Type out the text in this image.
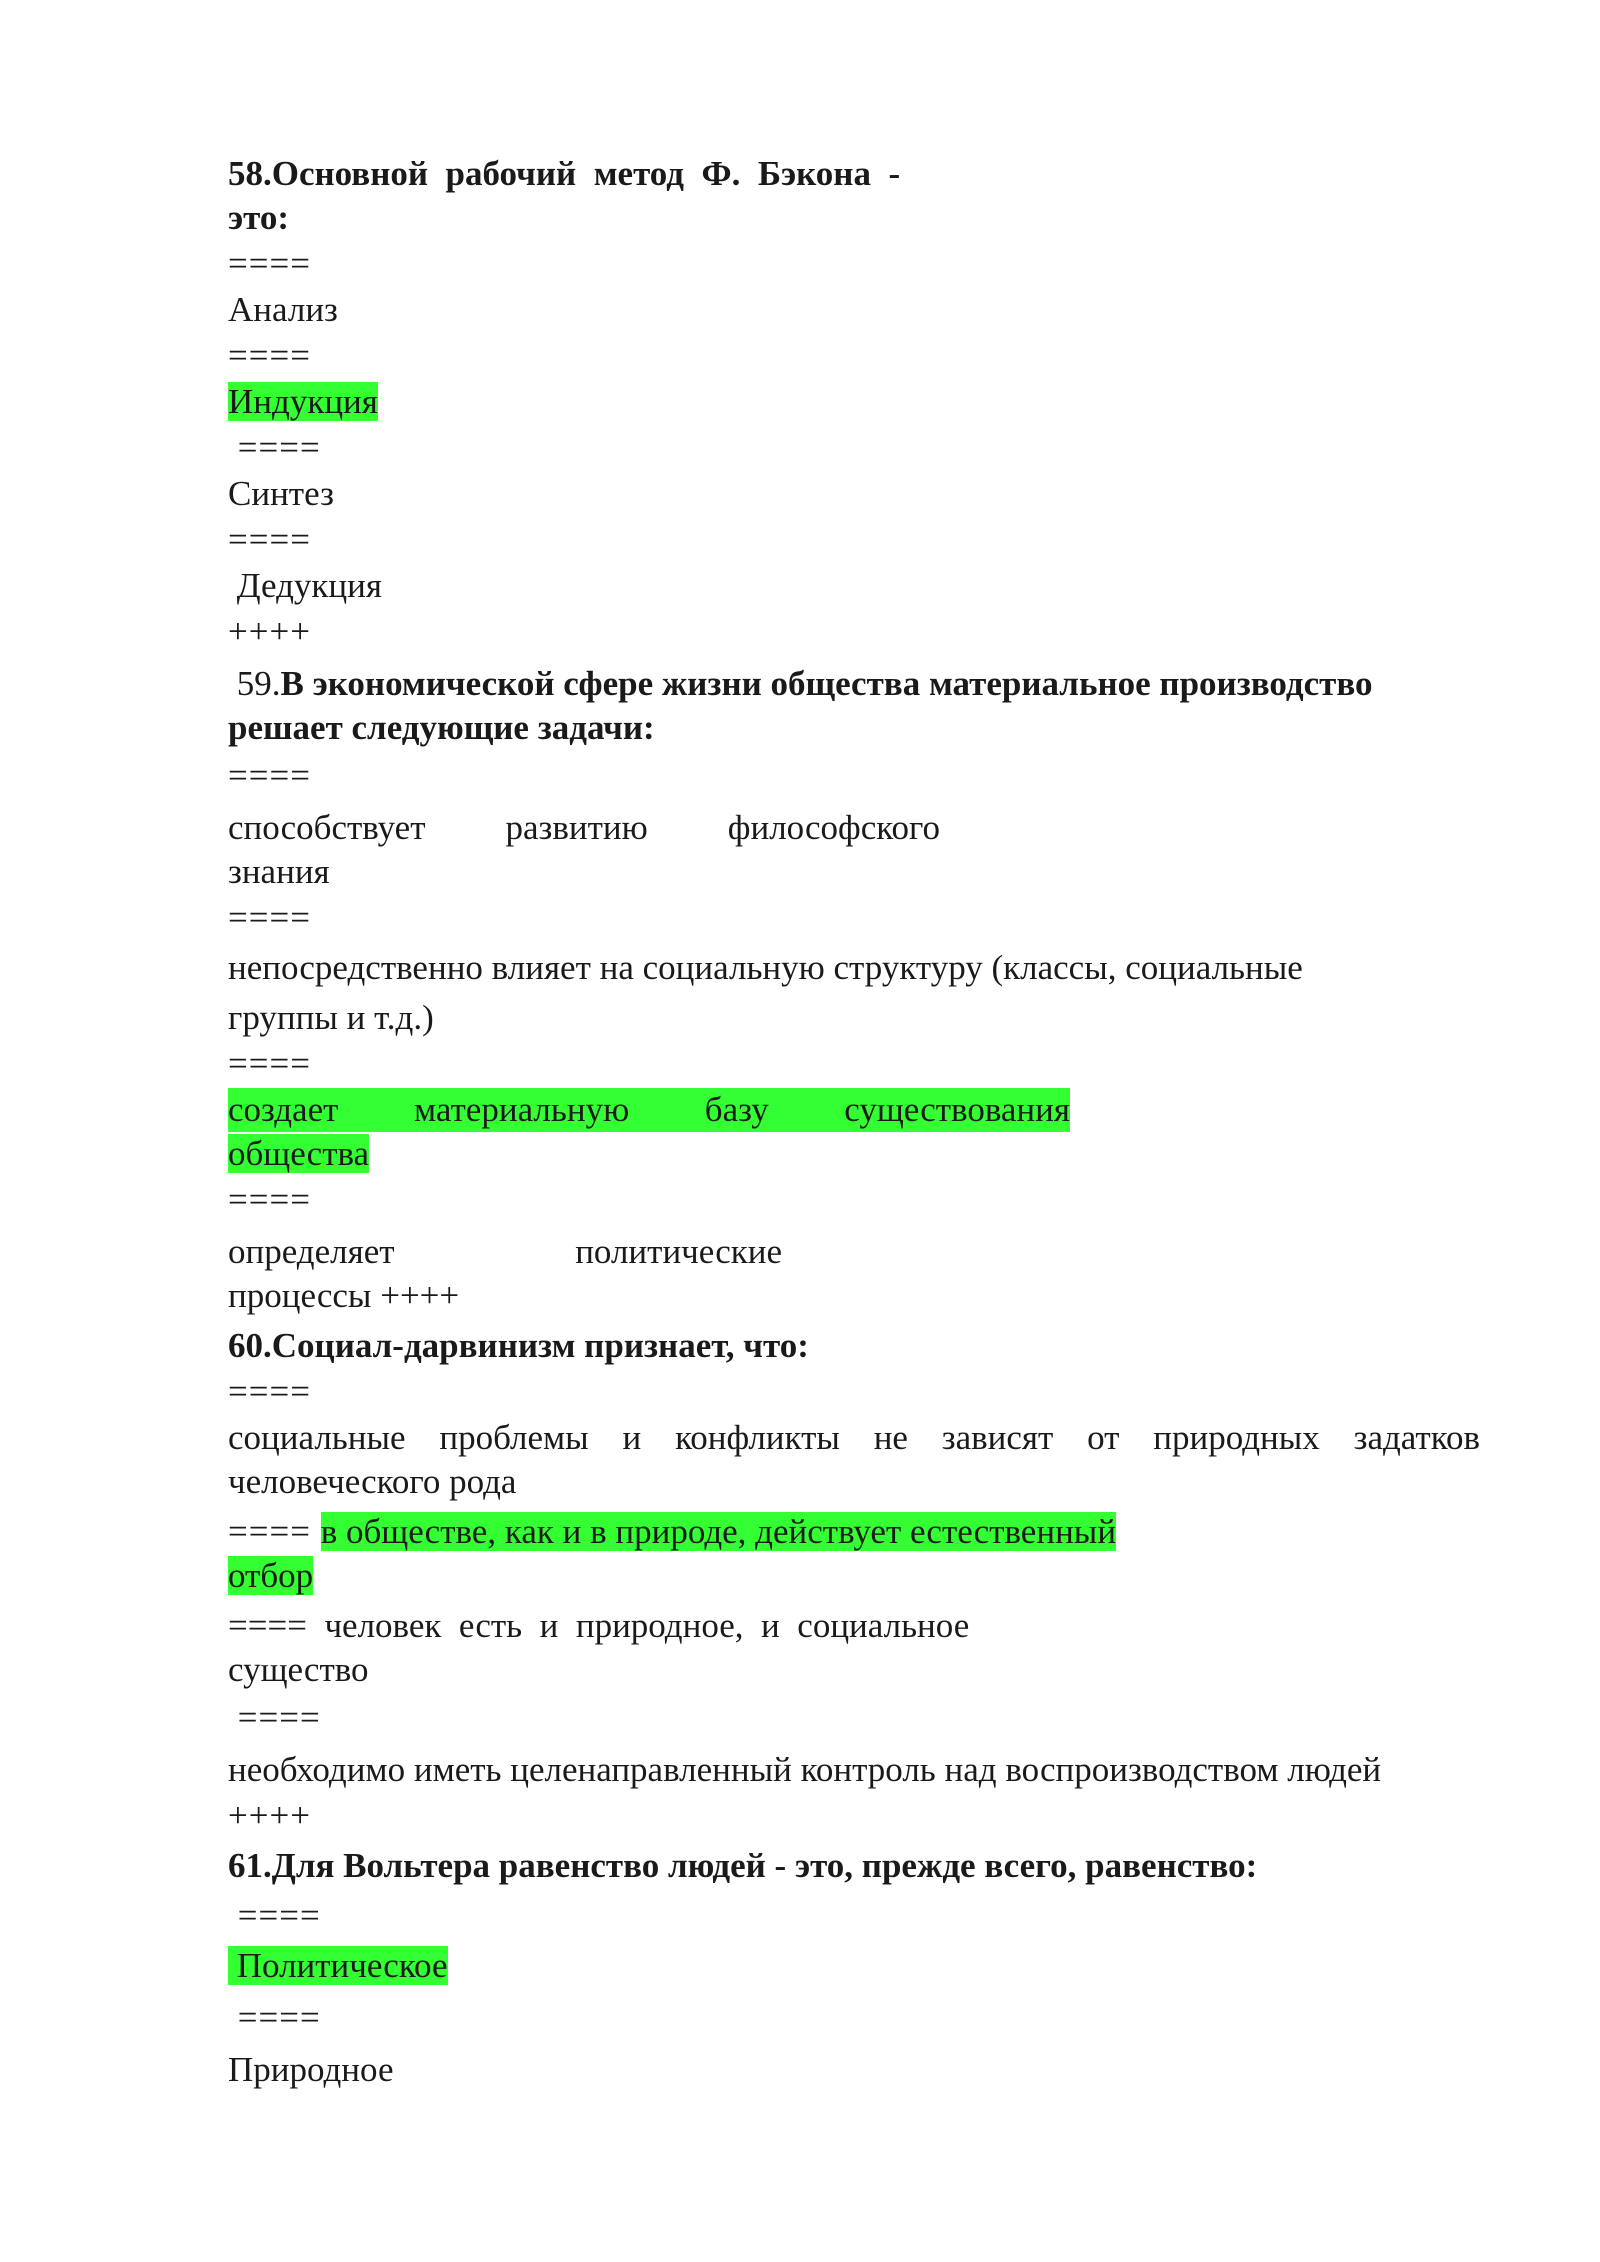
58.Основной  рабочий  метод  Ф.  Бэкона  -
это:
====
Анализ
====
Индукция
====
Синтез
====
Дедукция
++++
59.В экономической сфере жизни общества материальное производство
решает следующие задачи:
====
способствует развитию философского
знания
====
непосредственно влияет на социальную структуру (классы, социальные
группы и т.д.)
====
создает материальную базу существования
общества
====
определяет	политические
процессы ++++
60.Социал-дарвинизм признает, что:
====
социальные проблемы и конфликты не зависят от природных задатков
человеческого рода
==== в обществе, как и в природе, действует естественный
отбор
====  человек  есть  и  природное,  и  социальное
существо
====
необходимо иметь целенаправленный контроль над воспроизводством людей
++++
61.Для Вольтера равенство людей - это, прежде всего, равенство:
====
Политическое
====
Природное
